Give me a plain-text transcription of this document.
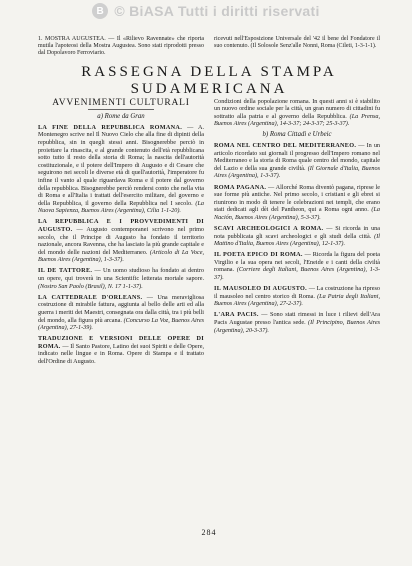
B © BiASA Tutti i diritti riservati
1. MOSTRA AUGUSTEA. — Il «Rilievo Ravennate» che riporta mutila l'apoteosi della Mostra Augustea. Sono stati riprodotti presso dal Dopolavoro Ferroviario.
ricevuti nell'Esposizione Universale del '42 il bene del Fondatore il suo contenuto. (Il Solosole Senz'alle Nonni, Roma (Cileti, 1-3-1-1).
RASSEGNA DELLA STAMPA
SUDAMERICANA
AVVENIMENTI CULTURALI
a) Rome da Gran
LA FINE DELLA REPUBBLICA ROMANA. — A. Montenegro scrive nel Il Nuovo Cielo che alla fine di dipinti della repubblica, sin in quegli stessi anni. Bisognerebbe perciò in proiettare la rinascita, e al grande contenuto dell'età repubblicana sotto tutto il resto della storia di Roma; la nascita dell'autorità costituzionale, e il potere dell'Impero di Augusto e di Cesare che seguirono nei secoli le diverse età di quell'autorità, l'imperatore fu infine il vanto al quale riguardava Roma e il potere dal governo della repubblica. Bisognerebbe perciò rendersi conto che nella vita di Roma e all'Italia i trattati dell'esercito militare, del governo e della Repubblica, il governo della Repubblica nel I secolo. (La Nuova Sapienza, Buenos Aires (Argentina), Cilia 1-1-20).
LA REPUBBLICA E I PROVVEDIMENTI DI AUGUSTO. — Augusto contemporanei scrivono nel primo secolo, che il Principe di Augusto ha fondato il territorio nazionale, ancora Ravenna, che ha lasciato la più grande capitale e del mondo delle nazioni del Mediterraneo. (Articolo di La Voce, Buenos Aires (Argentina), 1-3-37).
IL DE TATTORE. — Un uomo studioso ha fondato ai dentro un opere, qui troverà in una Scientific letterata mortale sapore. (Nostro San Paolo (Brasil), N. 17 1-1-37).
LA CATTEDRALE D'ORLEANS. — Una meravigliosa costruzione di mirabile fattura, aggiunta al bello delle arti ed alla guerra i meriti dei Maestri, consegnata ora dalla città, tra i più belli del mondo, alla figura più arcana. (Concurso La Voz, Buenos Aires (Argentina), 27-1-39).
TRADUZIONE E VERSIONI DELLE OPERE DI ROMA. — Il Santo Pastore, Latino dei suoi Spiriti e delle Opere, indicato nelle lingue e in Roma. Opere di Stampa e il trattato dell'Ordine di Augusto.
Condizioni della popolazione romana. In questi anni si è stabilito un nuovo ordine sociale per la città, un gran numero di cittadini fu sottratto alla patria e al governo della Repubblica. (La Prensa, Buenos Aires (Argentina), 14-3-37; 24-3-37; 25-3-37).
b) Roma Cittadi e Urbeic
ROMA NEL CENTRO DEL MEDITERRANEO. — In un articolo ricordato sui giornali il progresso dell'Impero romano nel Mediterraneo e la storia di Roma quale centro del mondo, capitale del Lazio e della sua grande civiltà. (Il Giornale d'Italia, Buenos Aires (Argentina), 1-3-37).
ROMA PAGANA. — Allorché Roma diventò pagana, riprese le sue forme più antiche. Nel primo secolo, i cristiani e gli ebrei si riunirono in modo di tenere le celebrazioni nei templi, che erano stati dedicati agli dèi del Pantheon, qui a Roma ogni anno. (La Nación, Buenos Aires (Argentina), 5-3-37).
SCAVI ARCHEOLOGICI A ROMA. — Si ricorda in una nota pubblicata gli scavi archeologici e gli studi della città. (Il Mattino d'Italia, Buenos Aires (Argentina), 12-1-37).
IL POETA EPICO DI ROMA. — Ricorda la figura del poeta Virgilio e la sua opera nei secoli, l'Eneide e i canti della civiltà romana. (Corriere degli Italiani, Buenos Aires (Argentina), 1-3-37).
IL MAUSOLEO DI AUGUSTO. — La costruzione ha ripreso il mausoleo nel centro storico di Roma. (La Patria degli Italiani, Buenos Aires (Argentina), 27-2-37).
L'ARA PACIS. — Sono stati rimessi in luce i rilievi dell'Ara Pacis Augustae presso l'antica sede. (Il Principino, Buenos Aires (Argentina), 20-3-37).
284
